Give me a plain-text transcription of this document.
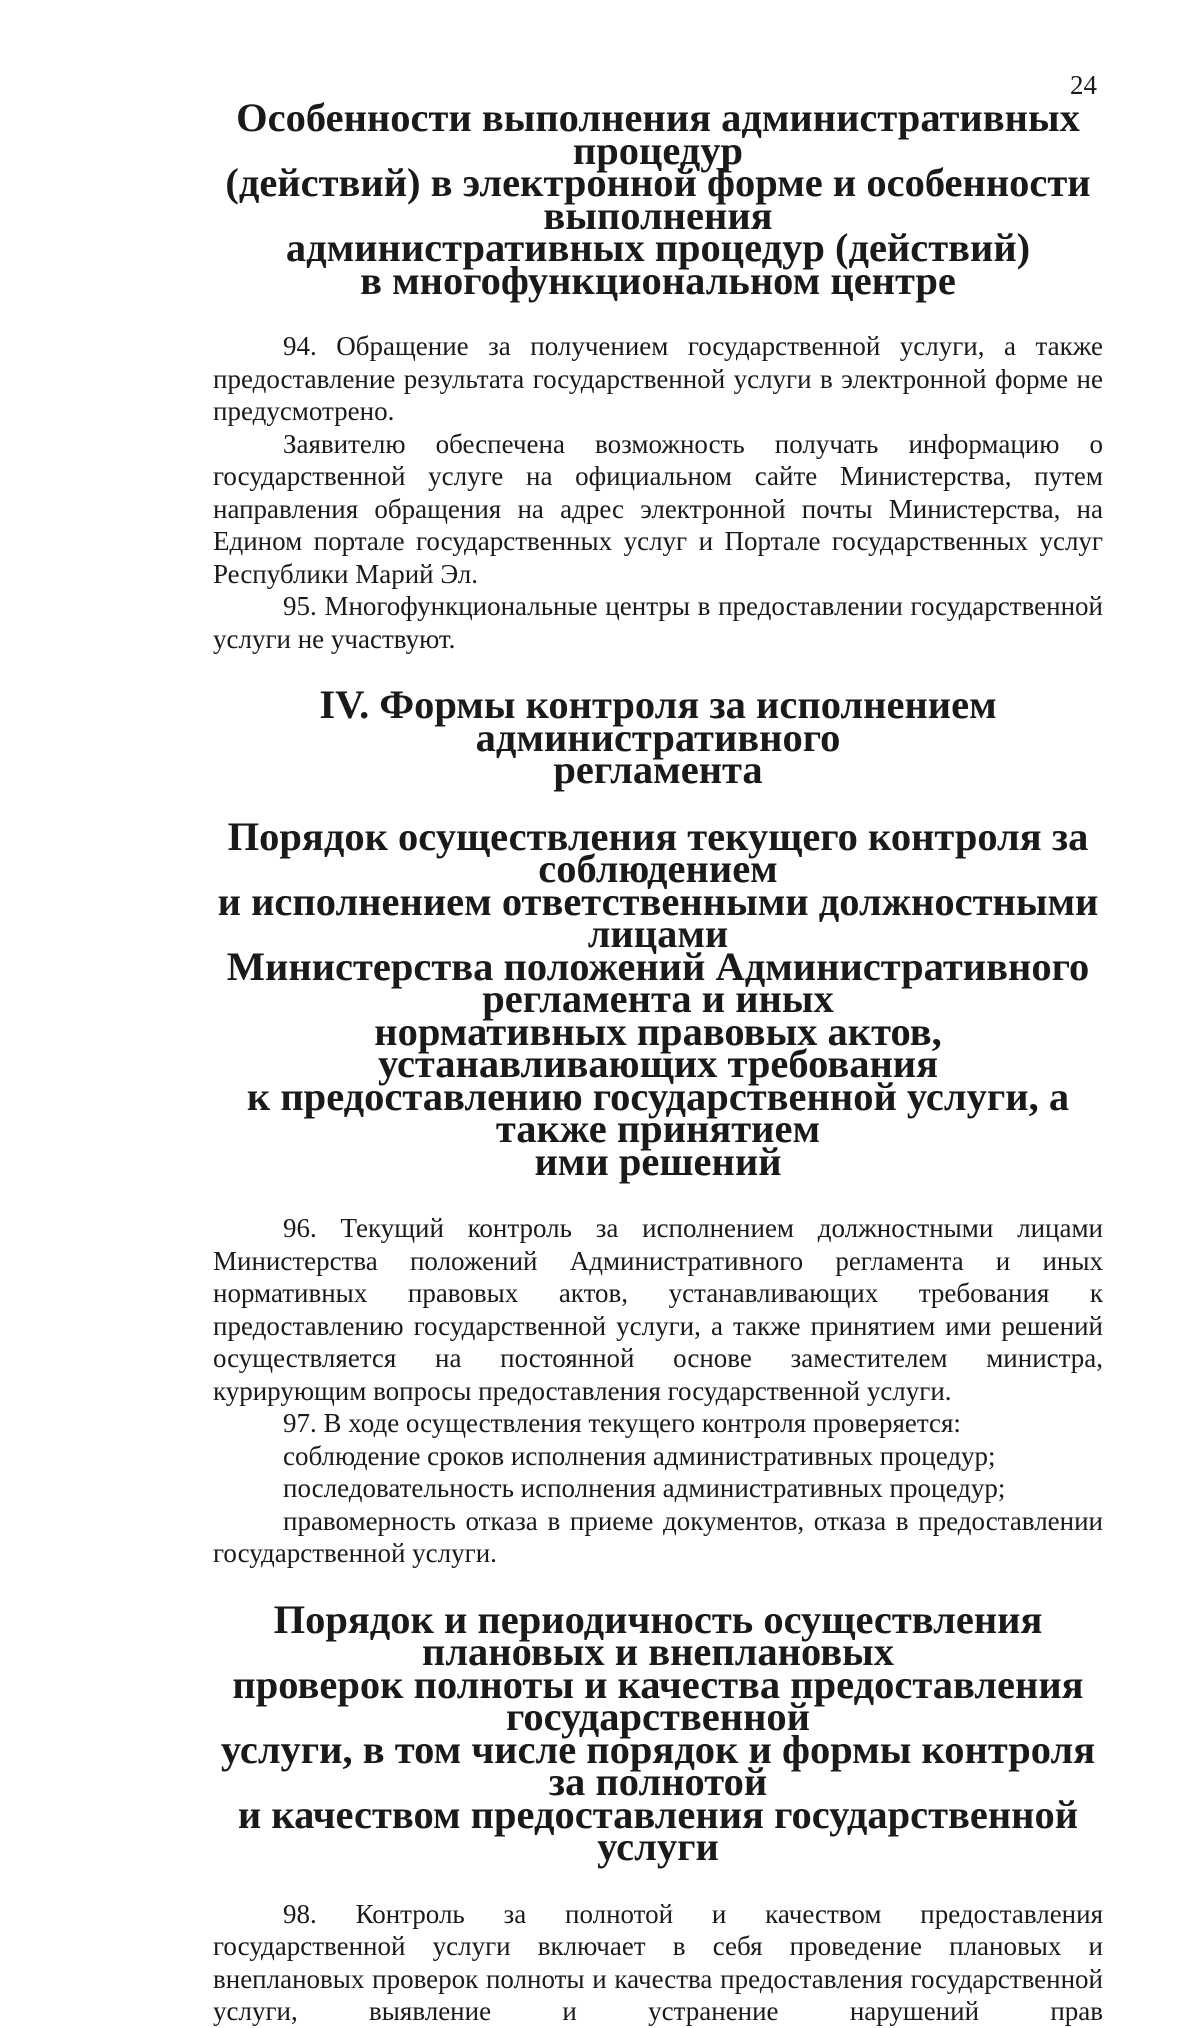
24
Особенности выполнения административных процедур
(действий) в электронной форме и особенности выполнения
административных процедур (действий)
в многофункциональном центре

94. Обращение за получением государственной услуги, а также предоставление результата государственной услуги в электронной форме не предусмотрено.

Заявителю обеспечена возможность получать информацию о государственной услуге на официальном сайте Министерства, путем направления обращения на адрес электронной почты Министерства, на Едином портале государственных услуг и Портале государственных услуг Республики Марий Эл.

95. Многофункциональные центры в предоставлении государственной услуги не участвуют.

IV. Формы контроля за исполнением административного
регламента
Порядок осуществления текущего контроля за соблюдением
и исполнением ответственными должностными лицами
Министерства положений Административного регламента и иных
нормативных правовых актов, устанавливающих требования
к предоставлению государственной услуги, а также принятием
ими решений

96. Текущий контроль за исполнением должностными лицами Министерства положений Административного регламента и иных нормативных правовых актов, устанавливающих требования к предоставлению государственной услуги, а также принятием ими решений осуществляется на постоянной основе заместителем министра, курирующим вопросы предоставления государственной услуги.

97. В ходе осуществления текущего контроля проверяется:

соблюдение сроков исполнения административных процедур;

последовательность исполнения административных процедур;

правомерность отказа в приеме документов, отказа в предоставлении государственной услуги.

Порядок и периодичность осуществления плановых и внеплановых
проверок полноты и качества предоставления государственной
услуги, в том числе порядок и формы контроля за полнотой
и качеством предоставления государственной услуги

98. Контроль за полнотой и качеством предоставления государственной услуги включает в себя проведение плановых и внеплановых проверок полноты и качества предоставления государственной услуги, выявление и устранение нарушений прав
